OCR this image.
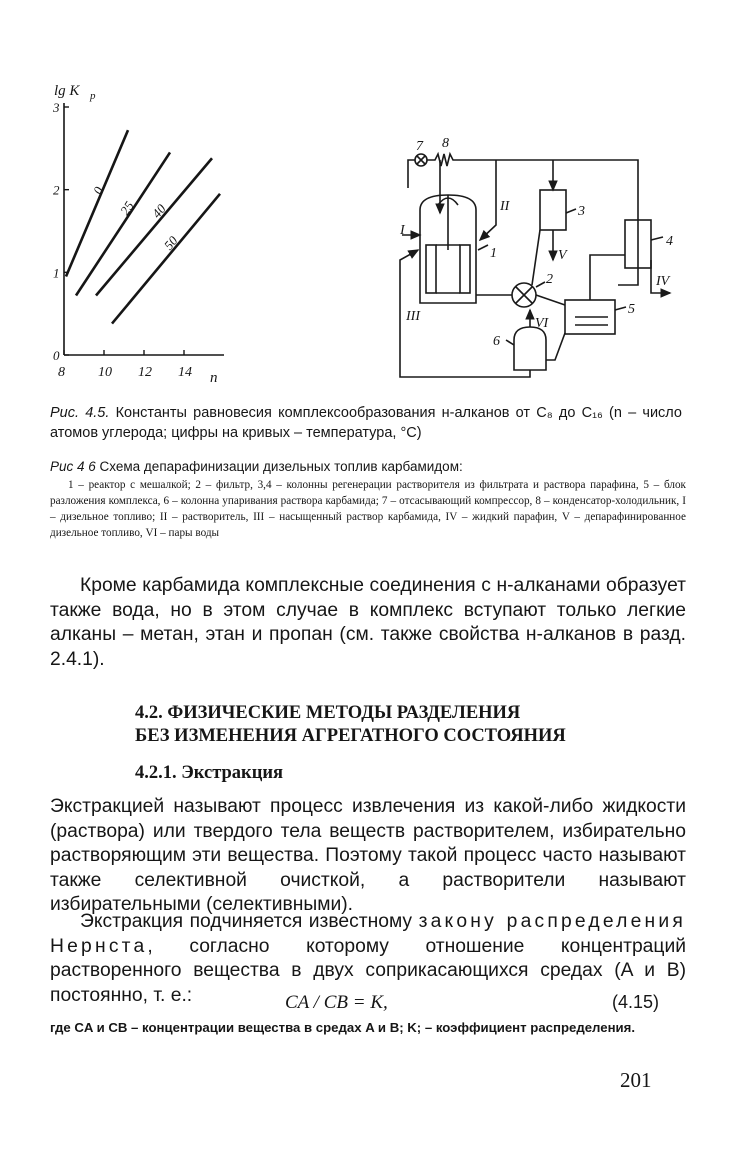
lg K p
n
0
1
2
3
8 10 12 14
0
25 40
50
7 8
1
2
3
4
5
6
I
II
III
IV
V
VI

Рис. 4.5. Константы равновесия комплексообразования н-алканов от C₈ до C₁₆ (n – число атомов углерода; цифры на кривых – температура, °С)

Рис 4 6 Схема депарафинизации дизельных топлив карбамидом:

1 – реактор с мешалкой; 2 – фильтр, 3,4 – колонны регенерации растворителя из фильтрата и раствора парафина, 5 – блок разложения комплекса, 6 – колонна упаривания раствора карбамида; 7 – отсасывающий компрессор, 8 – конденсатор-холодильник, I – дизельное топливо; II – растворитель, III – насыщенный раствор карбамида, IV – жидкий парафин, V – депарафинированное дизельное топливо, VI – пары воды

Кроме карбамида комплексные соединения с н-алканами образует также вода, но в этом случае в комплекс вступают только легкие алканы – метан, этан и пропан (см. также свойства н-алканов в разд. 2.4.1).

4.2. ФИЗИЧЕСКИЕ МЕТОДЫ РАЗДЕЛЕНИЯ

БЕЗ ИЗМЕНЕНИЯ АГРЕГАТНОГО СОСТОЯНИЯ

4.2.1. Экстракция

Экстракцией называют процесс извлечения из какой-либо жидкости (раствора) или твердого тела веществ растворителем, избирательно растворяющим эти вещества. Поэтому такой процесс часто называют также селективной очисткой, а растворители называют избирательными (селективными).

Экстракция подчиняется известному закону распределения Нернста, согласно которому отношение концентраций растворенного вещества в двух соприкасающихся средах (A и B) постоянно, т. е.:	CA / CB = K,	(4.15)

где CA и CB – концентрации вещества в средах A и B; K; – коэффициент распределения.

201
